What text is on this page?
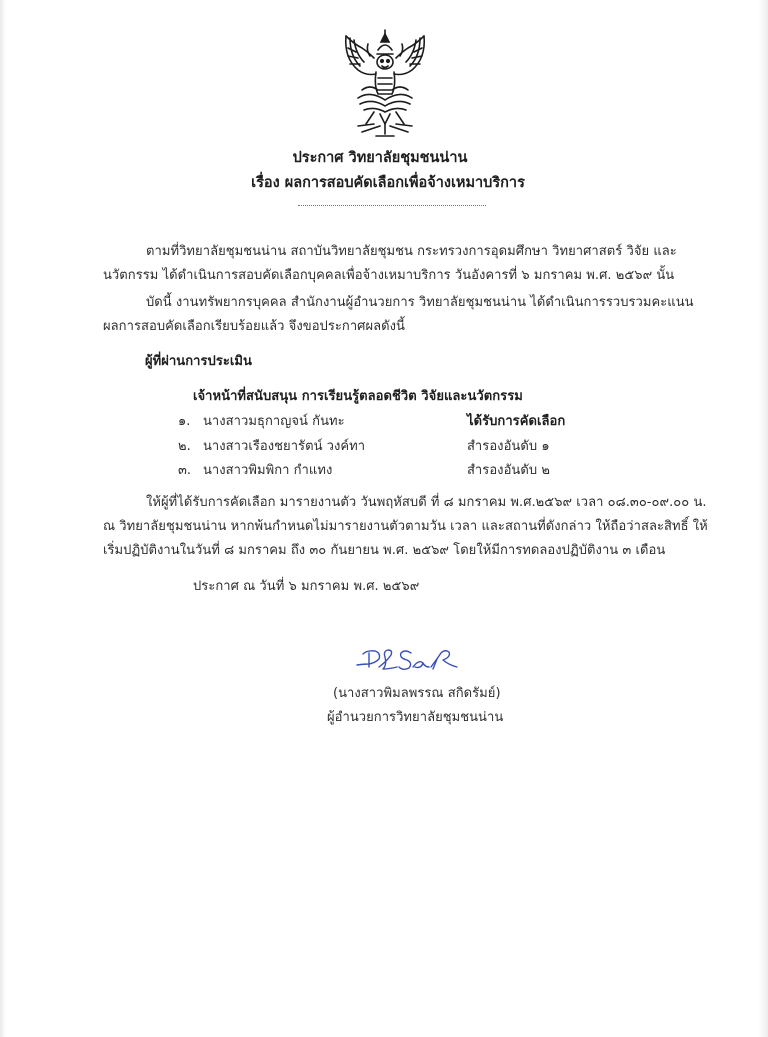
ประกาศ วิทยาลัยชุมชนน่าน
เรื่อง ผลการสอบคัดเลือกเพื่อจ้างเหมาบริการ
ตามที่วิทยาลัยชุมชนน่าน สถาบันวิทยาลัยชุมชน กระทรวงการอุดมศึกษา วิทยาศาสตร์ วิจัย และ
นวัตกรรม ได้ดำเนินการสอบคัดเลือกบุคคลเพื่อจ้างเหมาบริการ วันอังคารที่ ๖ มกราคม พ.ศ. ๒๕๖๙ นั้น
บัดนี้ งานทรัพยากรบุคคล สำนักงานผู้อำนวยการ วิทยาลัยชุมชนน่าน ได้ดำเนินการรวบรวมคะแนน
ผลการสอบคัดเลือกเรียบร้อยแล้ว จึงขอประกาศผลดังนี้
ผู้ที่ผ่านการประเมิน
เจ้าหน้าที่สนับสนุน การเรียนรู้ตลอดชีวิต วิจัยและนวัตกรรม
๑. นางสาวมธุกาญจน์ กันทะ	ได้รับการคัดเลือก
๒. นางสาวเรืองชยารัตน์ วงค์ทา	สำรองอันดับ ๑
๓. นางสาวพิมพิกา กำแทง	สำรองอันดับ ๒
ให้ผู้ที่ได้รับการคัดเลือก มารายงานตัว วันพฤหัสบดี ที่ ๘ มกราคม พ.ศ.๒๕๖๙ เวลา ๐๘.๓๐-๐๙.๐๐ น.
ณ วิทยาลัยชุมชนน่าน หากพ้นกำหนดไม่มารายงานตัวตามวัน เวลา และสถานที่ดังกล่าว ให้ถือว่าสละสิทธิ์ ให้
เริ่มปฏิบัติงานในวันที่ ๘ มกราคม ถึง ๓๐ กันยายน พ.ศ. ๒๕๖๙ โดยให้มีการทดลองปฏิบัติงาน ๓ เดือน
ประกาศ ณ วันที่ ๖ มกราคม พ.ศ. ๒๕๖๙
(นางสาวพิมลพรรณ สกิดรัมย์)
ผู้อำนวยการวิทยาลัยชุมชนน่าน
